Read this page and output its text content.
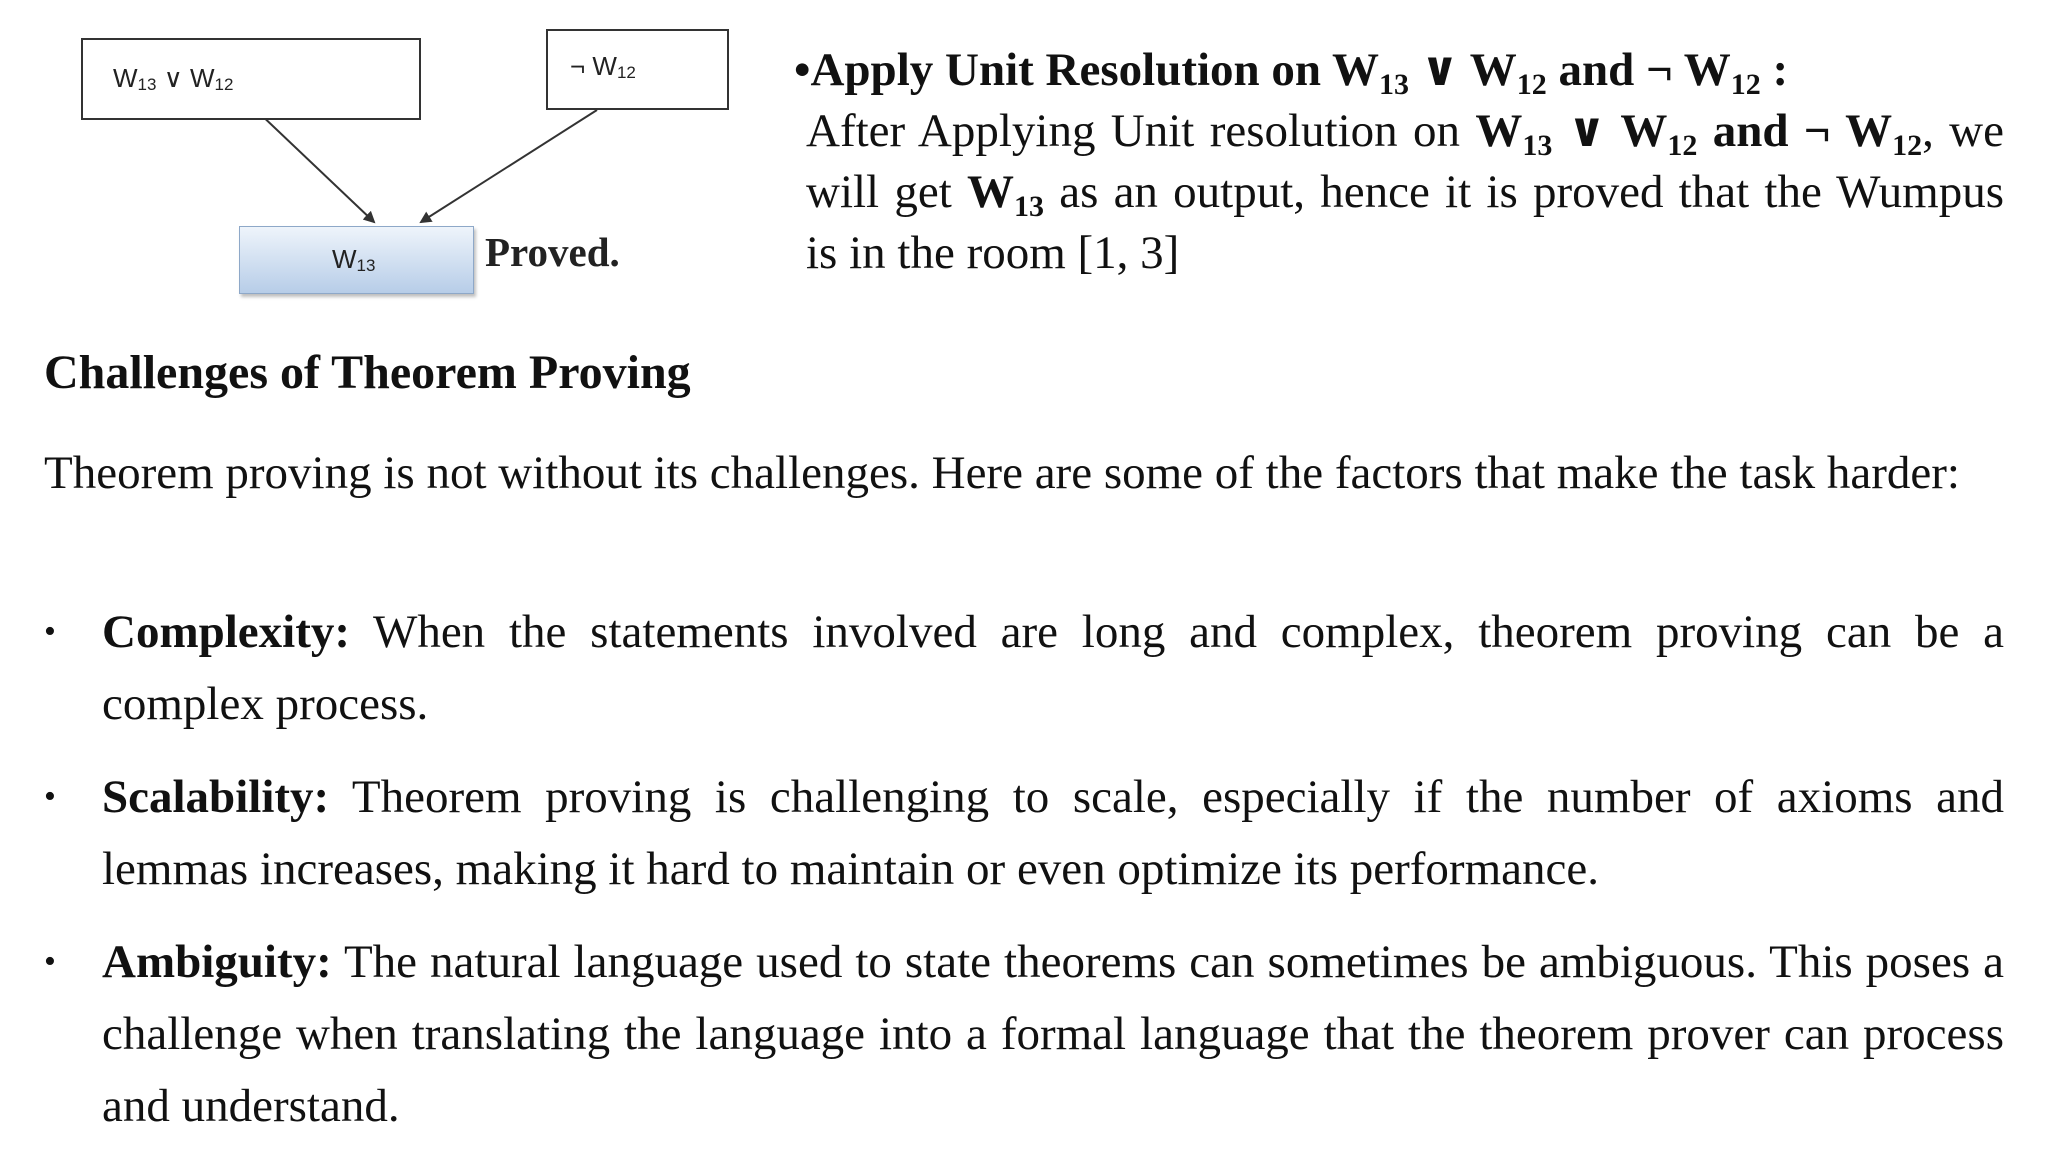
$W_{13}$ ∨ $W_{12}$
¬ $W_{12}$
$W_{13}$	Proved.
•Apply Unit Resolution on $W_{13}$ ∨ $W_{12}$ and ¬ $W_{12}$ :
After Applying Unit resolution on $W_{13}$ ∨ $W_{12}$ and ¬ $W_{12}$, we will get $W_{13}$ as an output, hence it is proved that the Wumpus is in the room [1, 3]
Challenges of Theorem Proving
Theorem proving is not without its challenges. Here are some of the factors that make the task harder:
• Complexity: When the statements involved are long and complex, theorem proving can be a complex process.
• Scalability: Theorem proving is challenging to scale, especially if the number of axioms and lemmas increases, making it hard to maintain or even optimize its performance.
• Ambiguity: The natural language used to state theorems can sometimes be ambiguous. This poses a challenge when translating the language into a formal language that the theorem prover can process and understand.
